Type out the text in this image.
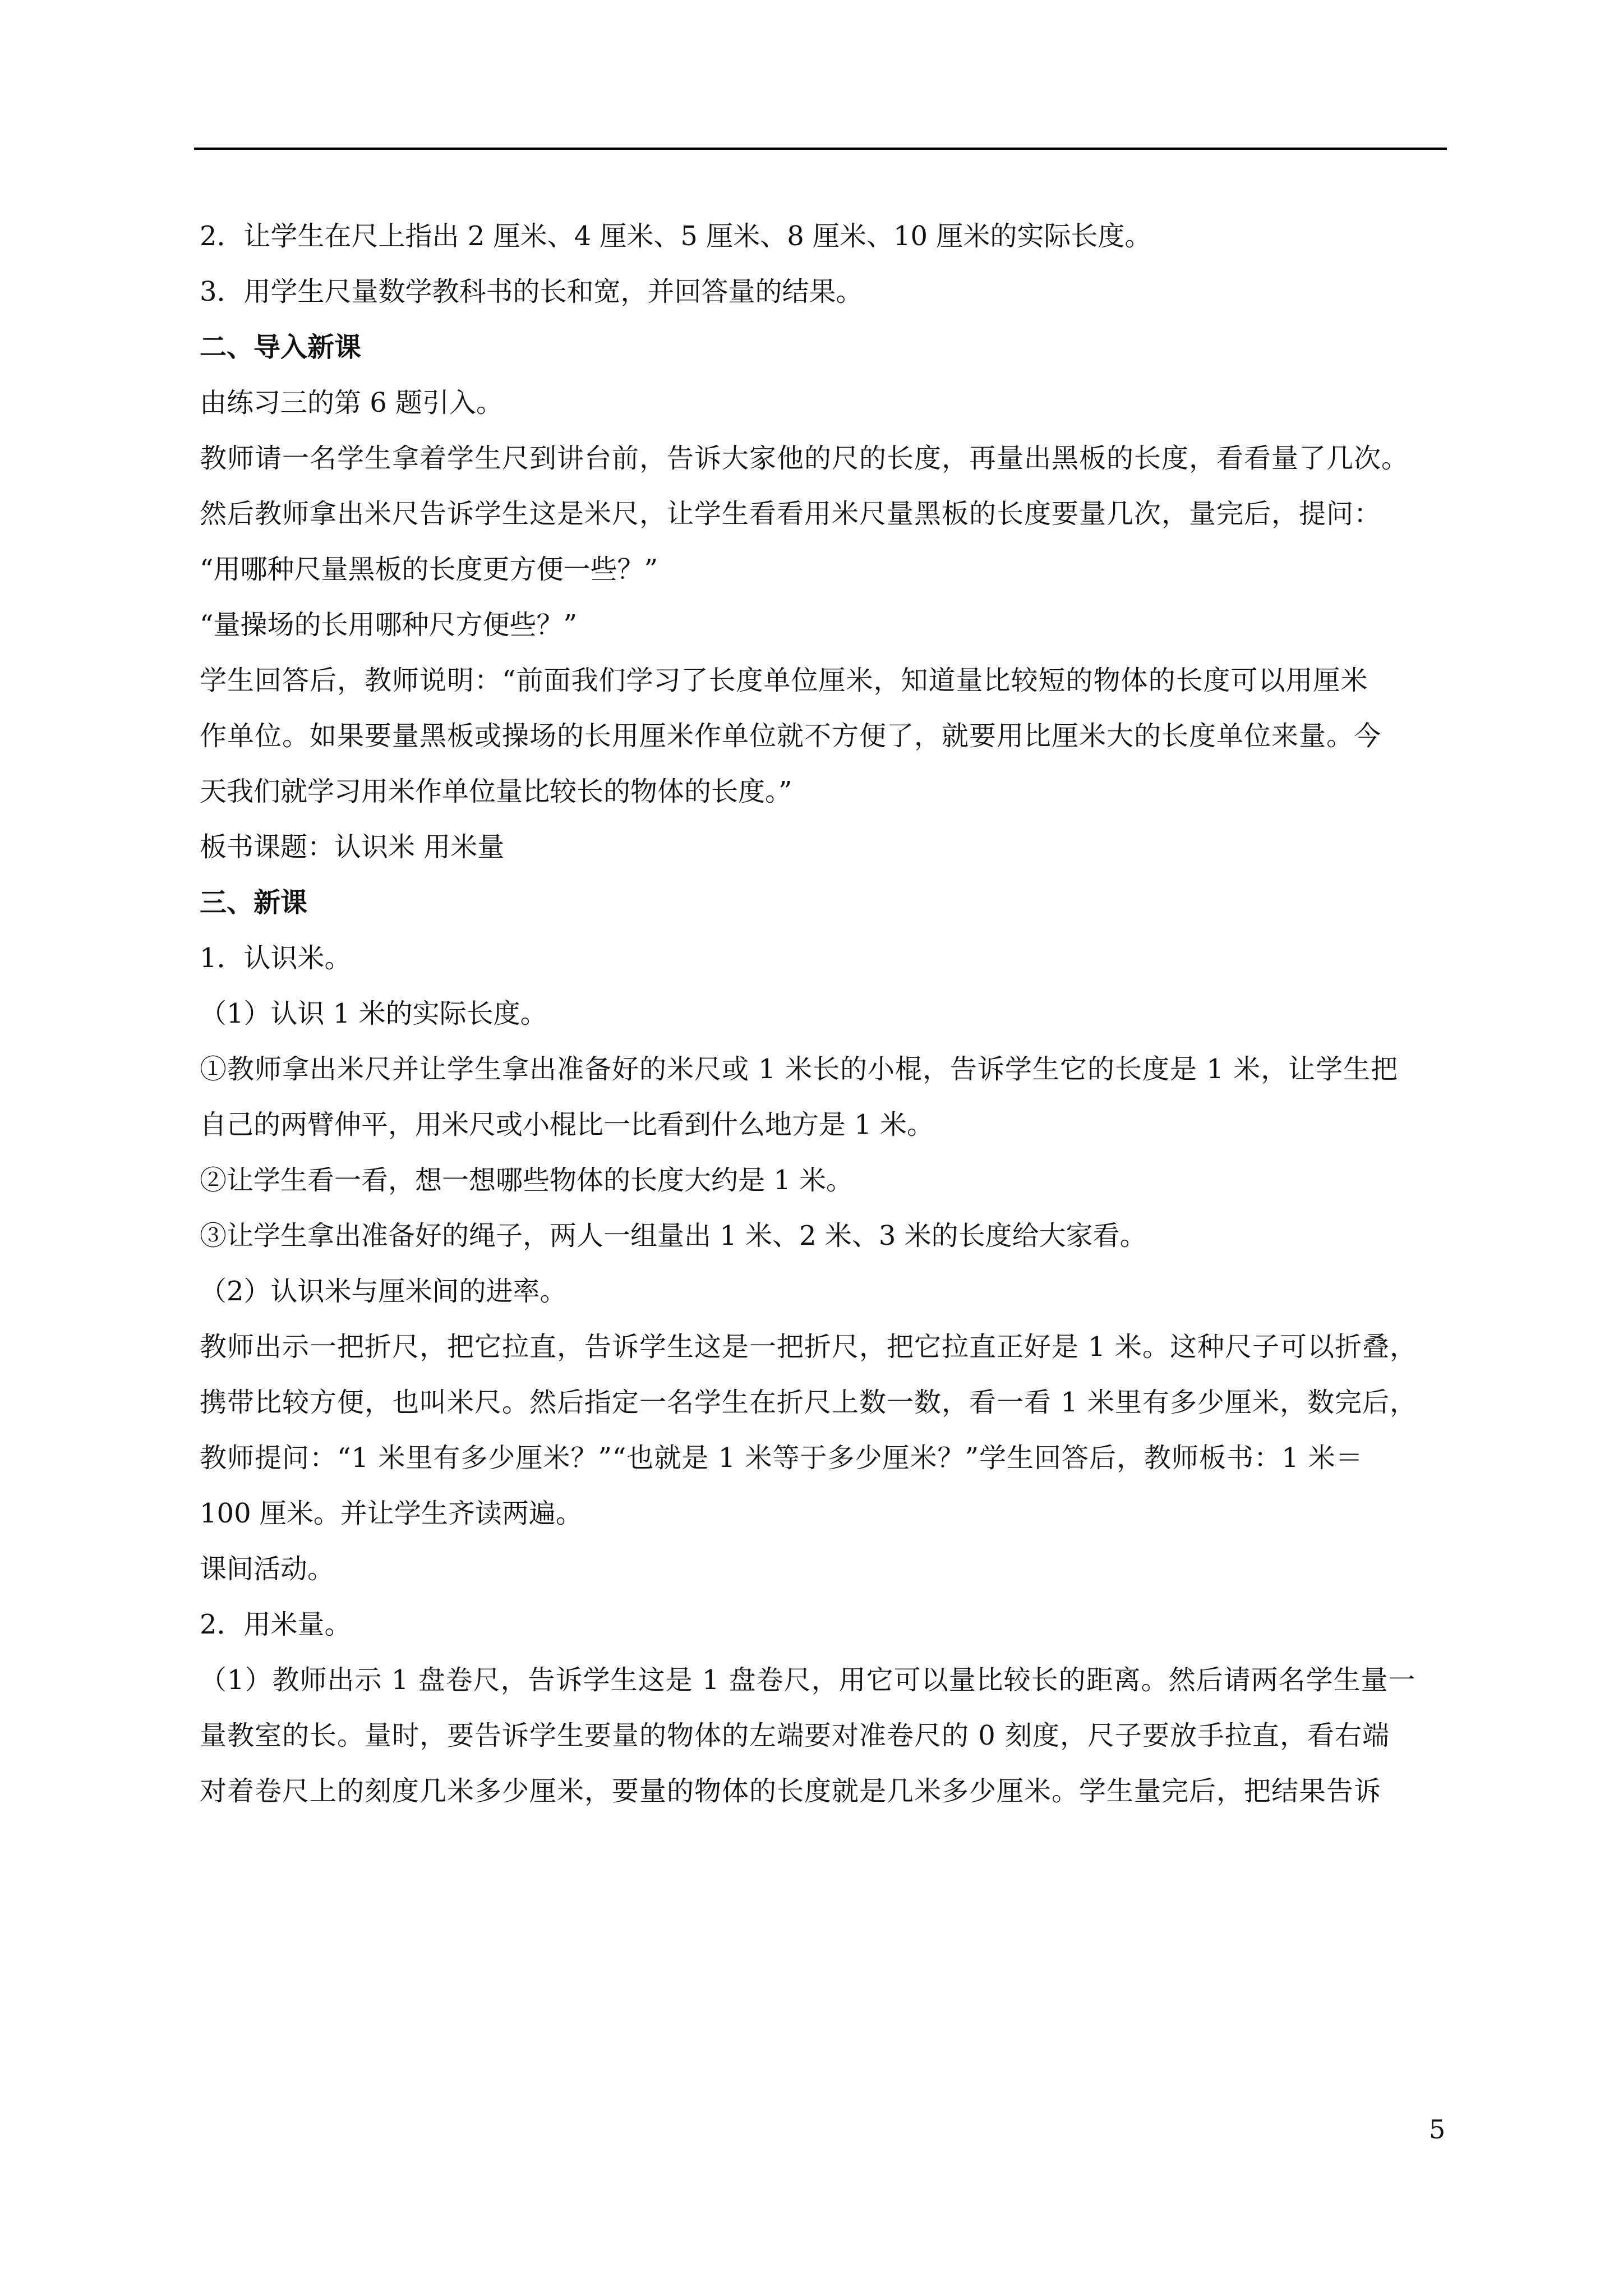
2．让学生在尺上指出 2 厘米、4 厘米、5 厘米、8 厘米、10 厘米的实际长度。

3．用学生尺量数学教科书的长和宽，并回答量的结果。

二、导入新课

由练习三的第 6 题引入。

教师请一名学生拿着学生尺到讲台前，告诉大家他的尺的长度，再量出黑板的长度，看看量了几次。

然后教师拿出米尺告诉学生这是米尺，让学生看看用米尺量黑板的长度要量几次，量完后，提问：

“用哪种尺量黑板的长度更方便一些？”

“量操场的长用哪种尺方便些？”

学生回答后，教师说明：“前面我们学习了长度单位厘米，知道量比较短的物体的长度可以用厘米

作单位。如果要量黑板或操场的长用厘米作单位就不方便了，就要用比厘米大的长度单位来量。今

天我们就学习用米作单位量比较长的物体的长度。”

板书课题：认识米 用米量

三、新课

1．认识米。

（1）认识 1 米的实际长度。

①教师拿出米尺并让学生拿出准备好的米尺或 1 米长的小棍，告诉学生它的长度是 1 米，让学生把

自己的两臂伸平，用米尺或小棍比一比看到什么地方是 1 米。

②让学生看一看，想一想哪些物体的长度大约是 1 米。

③让学生拿出准备好的绳子，两人一组量出 1 米、2 米、3 米的长度给大家看。

（2）认识米与厘米间的进率。

教师出示一把折尺，把它拉直，告诉学生这是一把折尺，把它拉直正好是 1 米。这种尺子可以折叠，

携带比较方便，也叫米尺。然后指定一名学生在折尺上数一数，看一看 1 米里有多少厘米，数完后，

教师提问：“1 米里有多少厘米？”“也就是 1 米等于多少厘米？”学生回答后，教师板书：1 米＝

100 厘米。并让学生齐读两遍。

课间活动。

2．用米量。

（1）教师出示 1 盘卷尺，告诉学生这是 1 盘卷尺，用它可以量比较长的距离。然后请两名学生量一

量教室的长。量时，要告诉学生要量的物体的左端要对准卷尺的 0 刻度，尺子要放手拉直，看右端

对着卷尺上的刻度几米多少厘米，要量的物体的长度就是几米多少厘米。学生量完后，把结果告诉

5
